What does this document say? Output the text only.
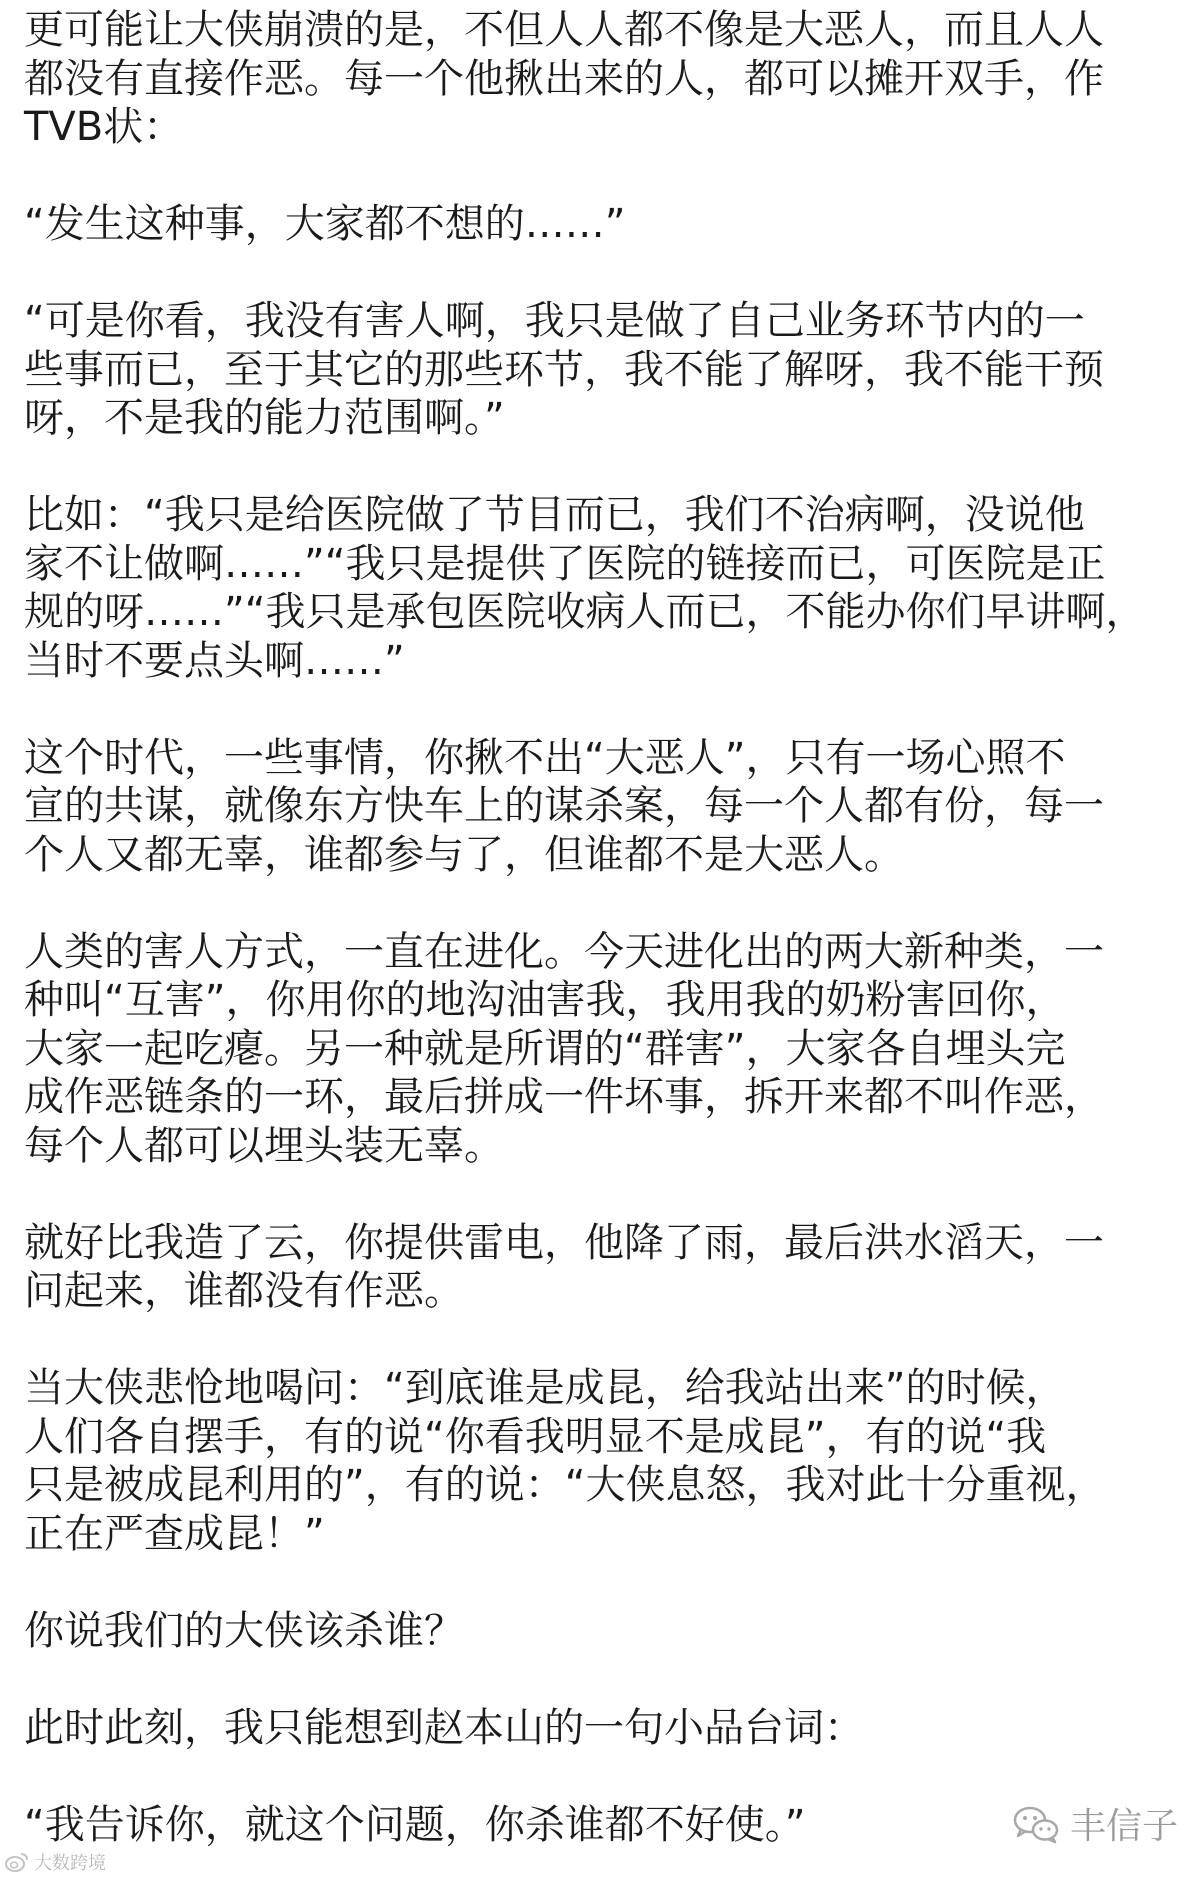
更可能让大侠崩溃的是，不但人人都不像是大恶人，而且人人
都没有直接作恶。每一个他揪出来的人，都可以摊开双手，作
TVB状：
“发生这种事，大家都不想的……”
“可是你看，我没有害人啊，我只是做了自己业务环节内的一
些事而已，至于其它的那些环节，我不能了解呀，我不能干预
呀，不是我的能力范围啊。”
比如：“我只是给医院做了节目而已，我们不治病啊，没说他
家不让做啊……”“我只是提供了医院的链接而已，可医院是正
规的呀……”“我只是承包医院收病人而已，不能办你们早讲啊，
当时不要点头啊……”
这个时代，一些事情，你揪不出“大恶人”，只有一场心照不
宣的共谋，就像东方快车上的谋杀案，每一个人都有份，每一
个人又都无辜，谁都参与了，但谁都不是大恶人。
人类的害人方式，一直在进化。今天进化出的两大新种类，一
种叫“互害”，你用你的地沟油害我，我用我的奶粉害回你，
大家一起吃瘪。另一种就是所谓的“群害”，大家各自埋头完
成作恶链条的一环，最后拼成一件坏事，拆开来都不叫作恶，
每个人都可以埋头装无辜。
就好比我造了云，你提供雷电，他降了雨，最后洪水滔天，一
问起来，谁都没有作恶。
当大侠悲怆地喝问：“到底谁是成昆，给我站出来”的时候，
人们各自摆手，有的说“你看我明显不是成昆”，有的说“我
只是被成昆利用的”，有的说：“大侠息怒，我对此十分重视，
正在严查成昆！”
你说我们的大侠该杀谁？
此时此刻，我只能想到赵本山的一句小品台词：
“我告诉你，就这个问题，你杀谁都不好使。”
大数跨境
丰信子
